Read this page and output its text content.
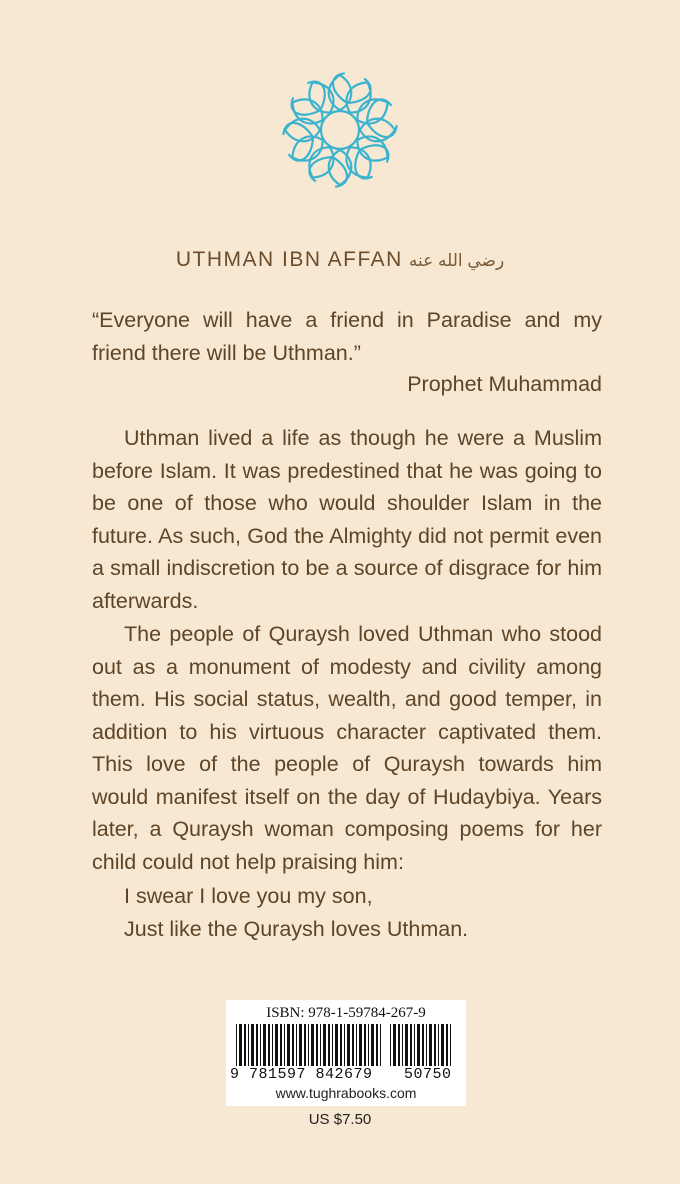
UTHMAN IBN AFFAN رضي الله عنه
“Everyone will have a friend in Paradise and my friend there will be Uthman.”
Prophet Muhammad

Uthman lived a life as though he were a Muslim before Islam. It was predestined that he was going to be one of those who would shoulder Islam in the future. As such, God the Almighty did not permit even a small indiscretion to be a source of disgrace for him afterwards.

The people of Quraysh loved Uthman who stood out as a monument of modesty and civility among them. His social status, wealth, and good temper, in addition to his virtuous character captivated them. This love of the people of Quraysh towards him would manifest itself on the day of Hudaybiya. Years later, a Quraysh woman composing poems for her child could not help praising him:

I swear I love you my son,
Just like the Quraysh loves Uthman.
ISBN: 978-1-59784-267-9
9 781597 842679	50750
www.tughrabooks.com
US $7.50
